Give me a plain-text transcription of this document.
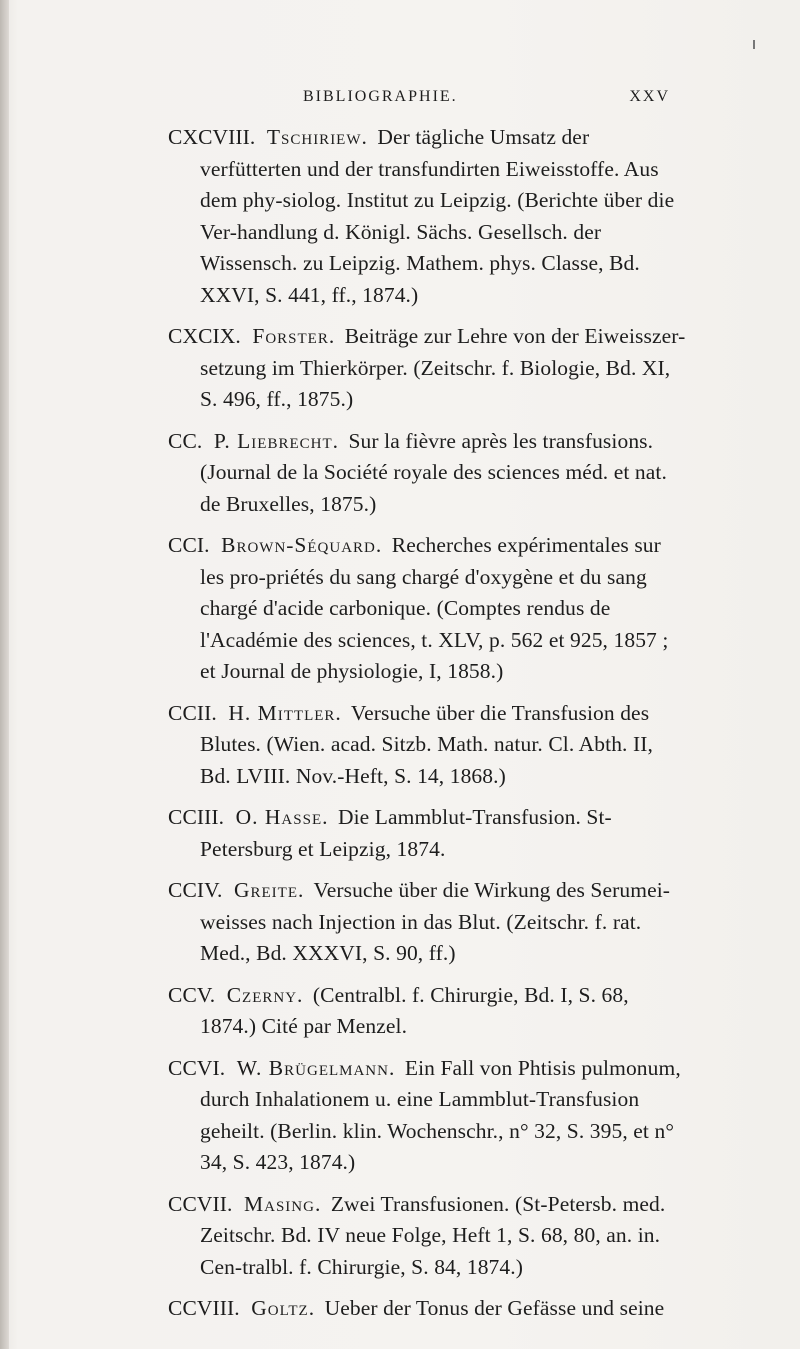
BIBLIOGRAPHIE.	XXV

CXCVIII. Tschiriew. Der tägliche Umsatz der verfütterten und der transfundirten Eiweisstoffe. Aus dem phy-siolog. Institut zu Leipzig. (Berichte über die Ver-handlung d. Königl. Sächs. Gesellsch. der Wissensch. zu Leipzig. Mathem. phys. Classe, Bd. XXVI, S. 441, ff., 1874.)

CXCIX. Forster. Beiträge zur Lehre von der Eiweisszer-setzung im Thierkörper. (Zeitschr. f. Biologie, Bd. XI, S. 496, ff., 1875.)

CC. P. Liebrecht. Sur la fièvre après les transfusions. (Journal de la Société royale des sciences méd. et nat. de Bruxelles, 1875.)

CCI. Brown-Séquard. Recherches expérimentales sur les pro-priétés du sang chargé d'oxygène et du sang chargé d'acide carbonique. (Comptes rendus de l'Académie des sciences, t. XLV, p. 562 et 925, 1857 ; et Journal de physiologie, I, 1858.)

CCII. H. Mittler. Versuche über die Transfusion des Blutes. (Wien. acad. Sitzb. Math. natur. Cl. Abth. II, Bd. LVIII. Nov.-Heft, S. 14, 1868.)

CCIII. O. Hasse. Die Lammblut-Transfusion. St-Petersburg et Leipzig, 1874.

CCIV. Greite. Versuche über die Wirkung des Serumei-weisses nach Injection in das Blut. (Zeitschr. f. rat. Med., Bd. XXXVI, S. 90, ff.)

CCV. Czerny. (Centralbl. f. Chirurgie, Bd. I, S. 68, 1874.) Cité par Menzel.

CCVI. W. Brügelmann. Ein Fall von Phtisis pulmonum, durch Inhalationem u. eine Lammblut-Transfusion geheilt. (Berlin. klin. Wochenschr., n° 32, S. 395, et n° 34, S. 423, 1874.)

CCVII. Masing. Zwei Transfusionen. (St-Petersb. med. Zeitschr. Bd. IV neue Folge, Heft 1, S. 68, 80, an. in. Cen-tralbl. f. Chirurgie, S. 84, 1874.)

CCVIII. Goltz. Ueber der Tonus der Gefässe und seine
